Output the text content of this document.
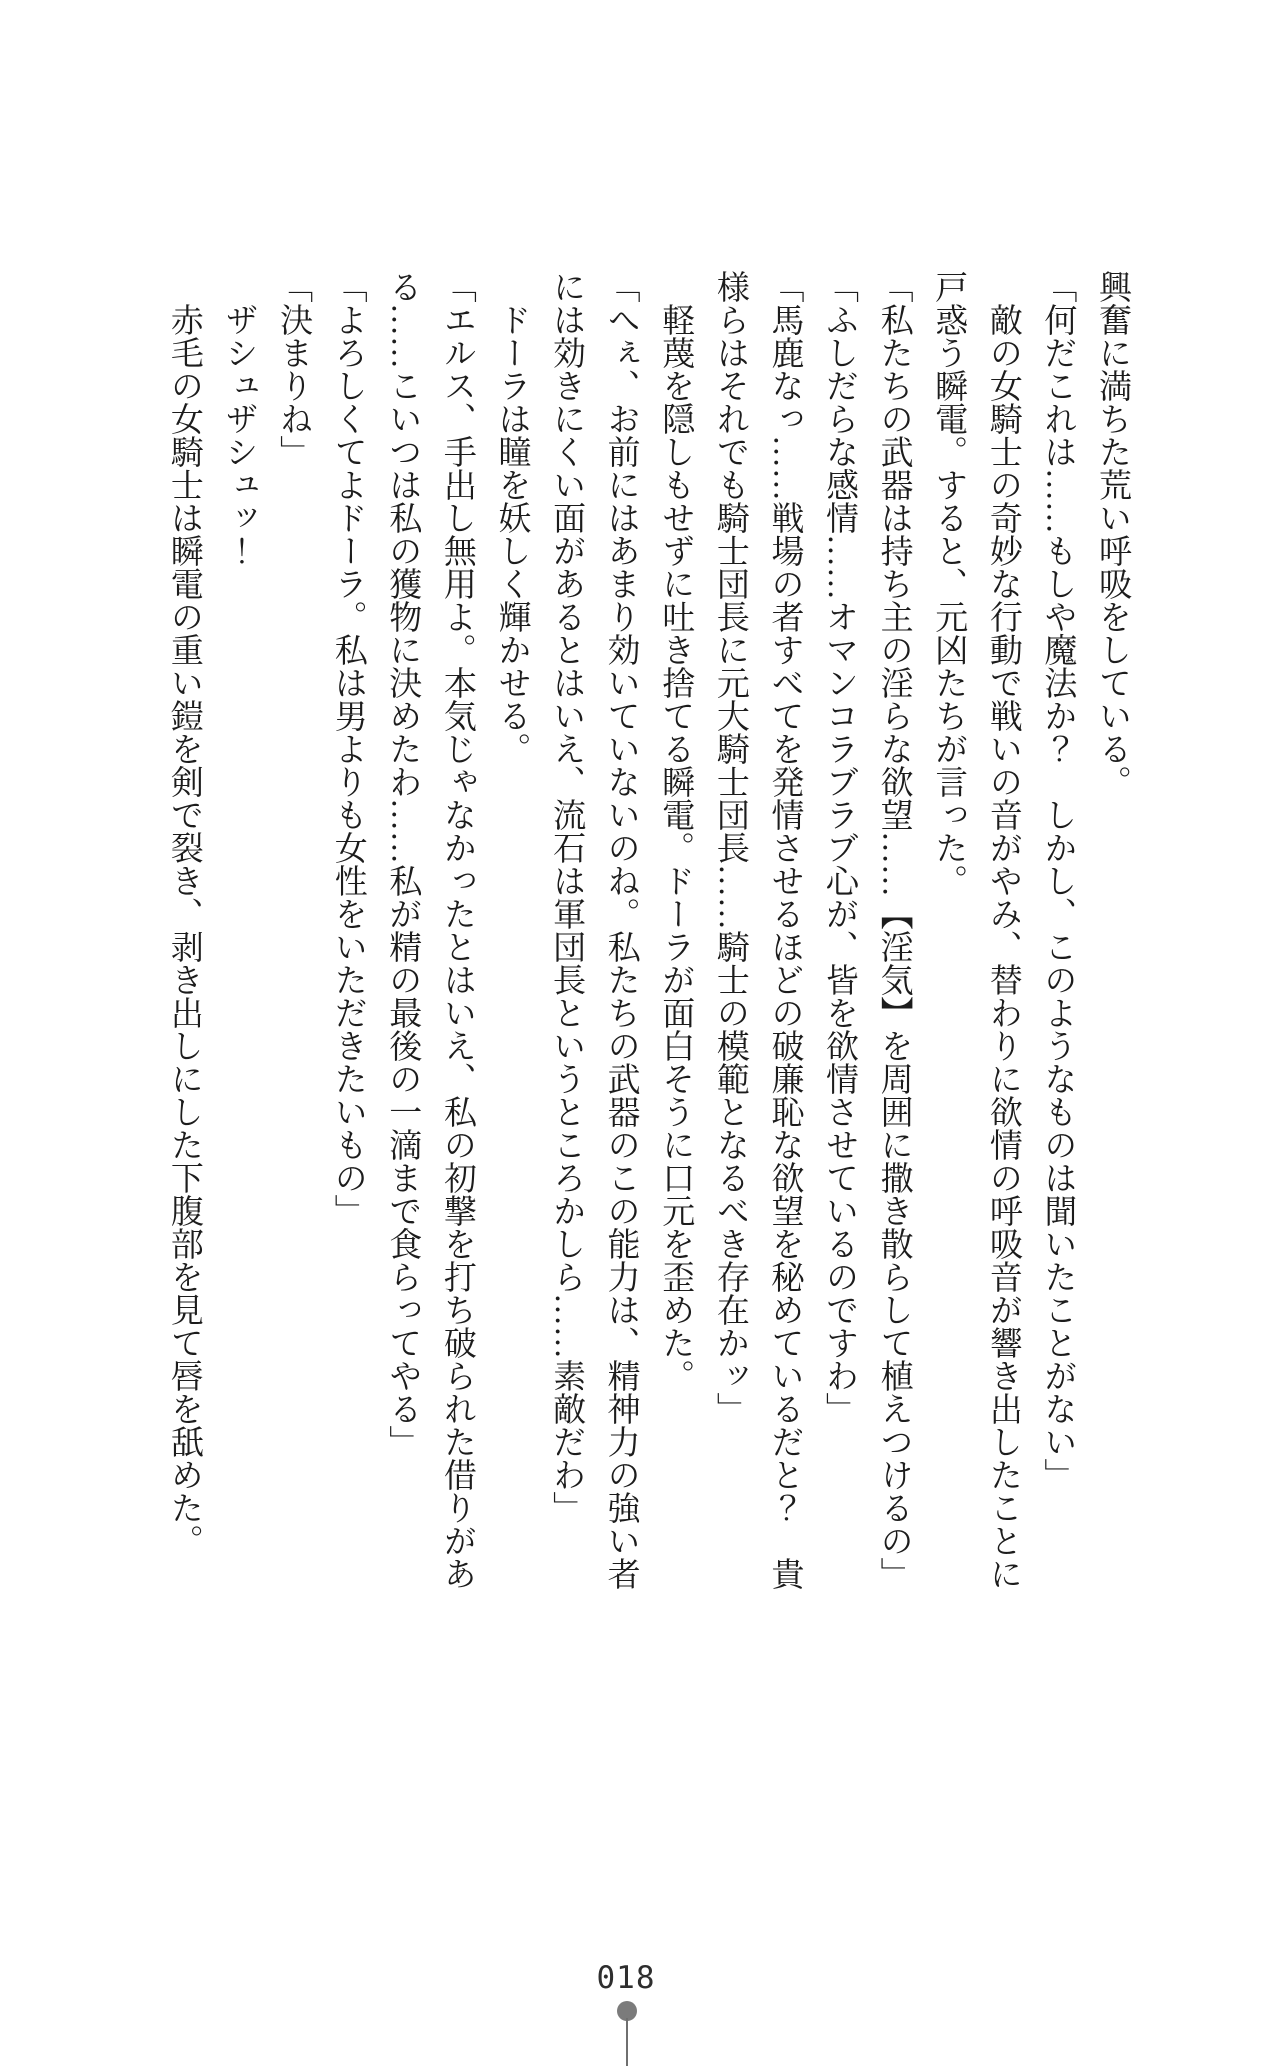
興奮に満ちた荒い呼吸をしている。

「何だこれは……もしや魔法か？　しかし、このようなものは聞いたことがない」

　敵の女騎士の奇妙な行動で戦いの音がやみ、替わりに欲情の呼吸音が響き出したことに戸惑う瞬電。すると、元凶たちが言った。

「私たちの武器は持ち主の淫らな欲望……【淫気】を周囲に撒き散らして植えつけるの」

「ふしだらな感情……オマンコラブラブ心が、皆を欲情させているのですわ」

「馬鹿なっ……戦場の者すべてを発情させるほどの破廉恥な欲望を秘めているだと？　貴様らはそれでも騎士団長に元大騎士団長……騎士の模範となるべき存在かッ」

　軽蔑を隠しもせずに吐き捨てる瞬電。ドーラが面白そうに口元を歪めた。

「へぇ、お前にはあまり効いていないのね。私たちの武器のこの能力は、精神力の強い者には効きにくい面があるとはいえ、流石は軍団長というところかしら……素敵だわ」

　ドーラは瞳を妖しく輝かせる。

「エルス、手出し無用よ。本気じゃなかったとはいえ、私の初撃を打ち破られた借りがある……こいつは私の獲物に決めたわ……私が精の最後の一滴まで食らってやる」

「よろしくてよドーラ。私は男よりも女性をいただきたいもの」

「決まりね」

　ザシュザシュッ！

　赤毛の女騎士は瞬電の重い鎧を剣で裂き、剥き出しにした下腹部を見て唇を舐めた。

018
